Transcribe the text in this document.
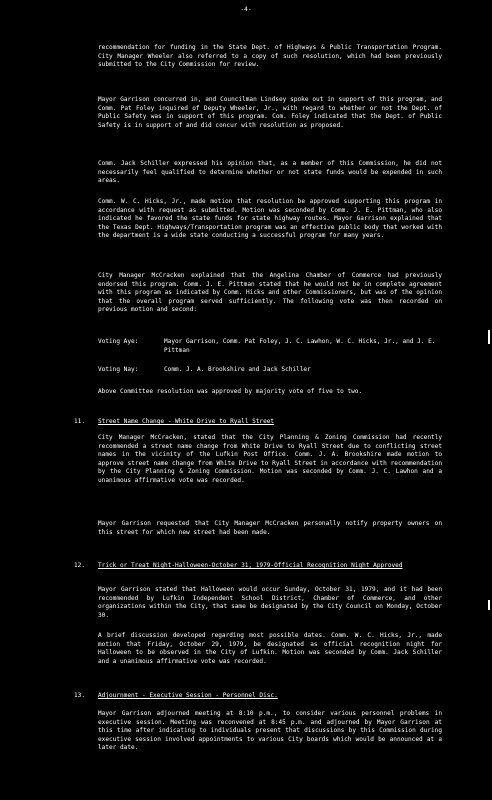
-4-
recommendation for funding in the State Dept. of Highways & Public Transportation Program. City Manager Wheeler also referred to a copy of such resolution, which had been previously submitted to the City Commission for review.
Mayor Garrison concurred in, and Councilman Lindsey spoke out in support of this program, and Comm. Pat Foley inquired of Deputy Wheeler, Jr., with regard to whether or not the Dept. of Public Safety was in support of this program. Com. Foley indicated that the Dept. of Public Safety is in support of and did concur with resolution as proposed.
Comm. Jack Schiller expressed his opinion that, as a member of this Commission, he did not necessarily feel qualified to determine whether or not state funds would be expended in such areas.
Comm. W. C. Hicks, Jr., made motion that resolution be approved supporting this program in accordance with request as submitted. Motion was seconded by Comm. J. E. Pittman, who also indicated he favored the state funds for state highway routes. Mayor Garrison explained that the Texas Dept. Highways/Transportation program was an effective public body that worked with the department is a wide state conducting a successful program for many years.
City Manager McCracken explained that the Angelina Chamber of Commerce had previously endorsed this program. Comm. J. E. Pittman stated that he would not be in complete agreement with this program as indicated by Comm. Hicks and other Commissioners, but was of the opinion that the overall program served sufficiently. The following vote was then recorded on previous motion and second:
Voting Aye:	Mayor Garrison, Comm. Pat Foley, J. C. Lawhon, W. C. Hicks, Jr., and J. E. Pittman
Voting Nay:	Comm. J. A. Brookshire and Jack Schiller
Above Committee resolution was approved by majority vote of five to two.
11. Street Name Change - White Drive to Ryall Street
City Manager McCracken, stated that the City Planning & Zoning Commission had recently recommended a street name change from White Drive to Ryall Street due to conflicting street names in the vicinity of the Lufkin Post Office. Comm. J. A. Brookshire made motion to approve street name change from White Drive to Ryall Street in accordance with recommendation by the City Planning & Zoning Commission. Motion was seconded by Comm. J. C. Lawhon and a unanimous affirmative vote was recorded.
Mayor Garrison requested that City Manager McCracken personally notify property owners on this street for which new street had been made.
12. Trick or Treat Night-Halloween-October 31, 1979-Official Recognition Night Approved
Mayor Garrison stated that Halloween would occur Sunday, October 31, 1979, and it had been recommended by Lufkin Independent School District, Chamber of Commerce, and other organizations within the City, that same be designated by the City Council on Monday, October 30.
A brief discussion developed regarding most possible dates. Comm. W. C. Hicks, Jr., made motion that Friday, October 29, 1979, be designated as official recognition night for Halloween to be observed in the City of Lufkin. Motion was seconded by Comm. Jack Schiller and a unanimous affirmative vote was recorded.
13. Adjournment - Executive Session - Personnel Disc.
Mayor Garrison adjourned meeting at 8:10 p.m., to consider various personnel problems in executive session. Meeting was reconvened at 8:45 p.m. and adjourned by Mayor Garrison at this time after indicating to individuals present that discussions by this Commission during executive session involved appointments to various City boards which would be announced at a later date.
